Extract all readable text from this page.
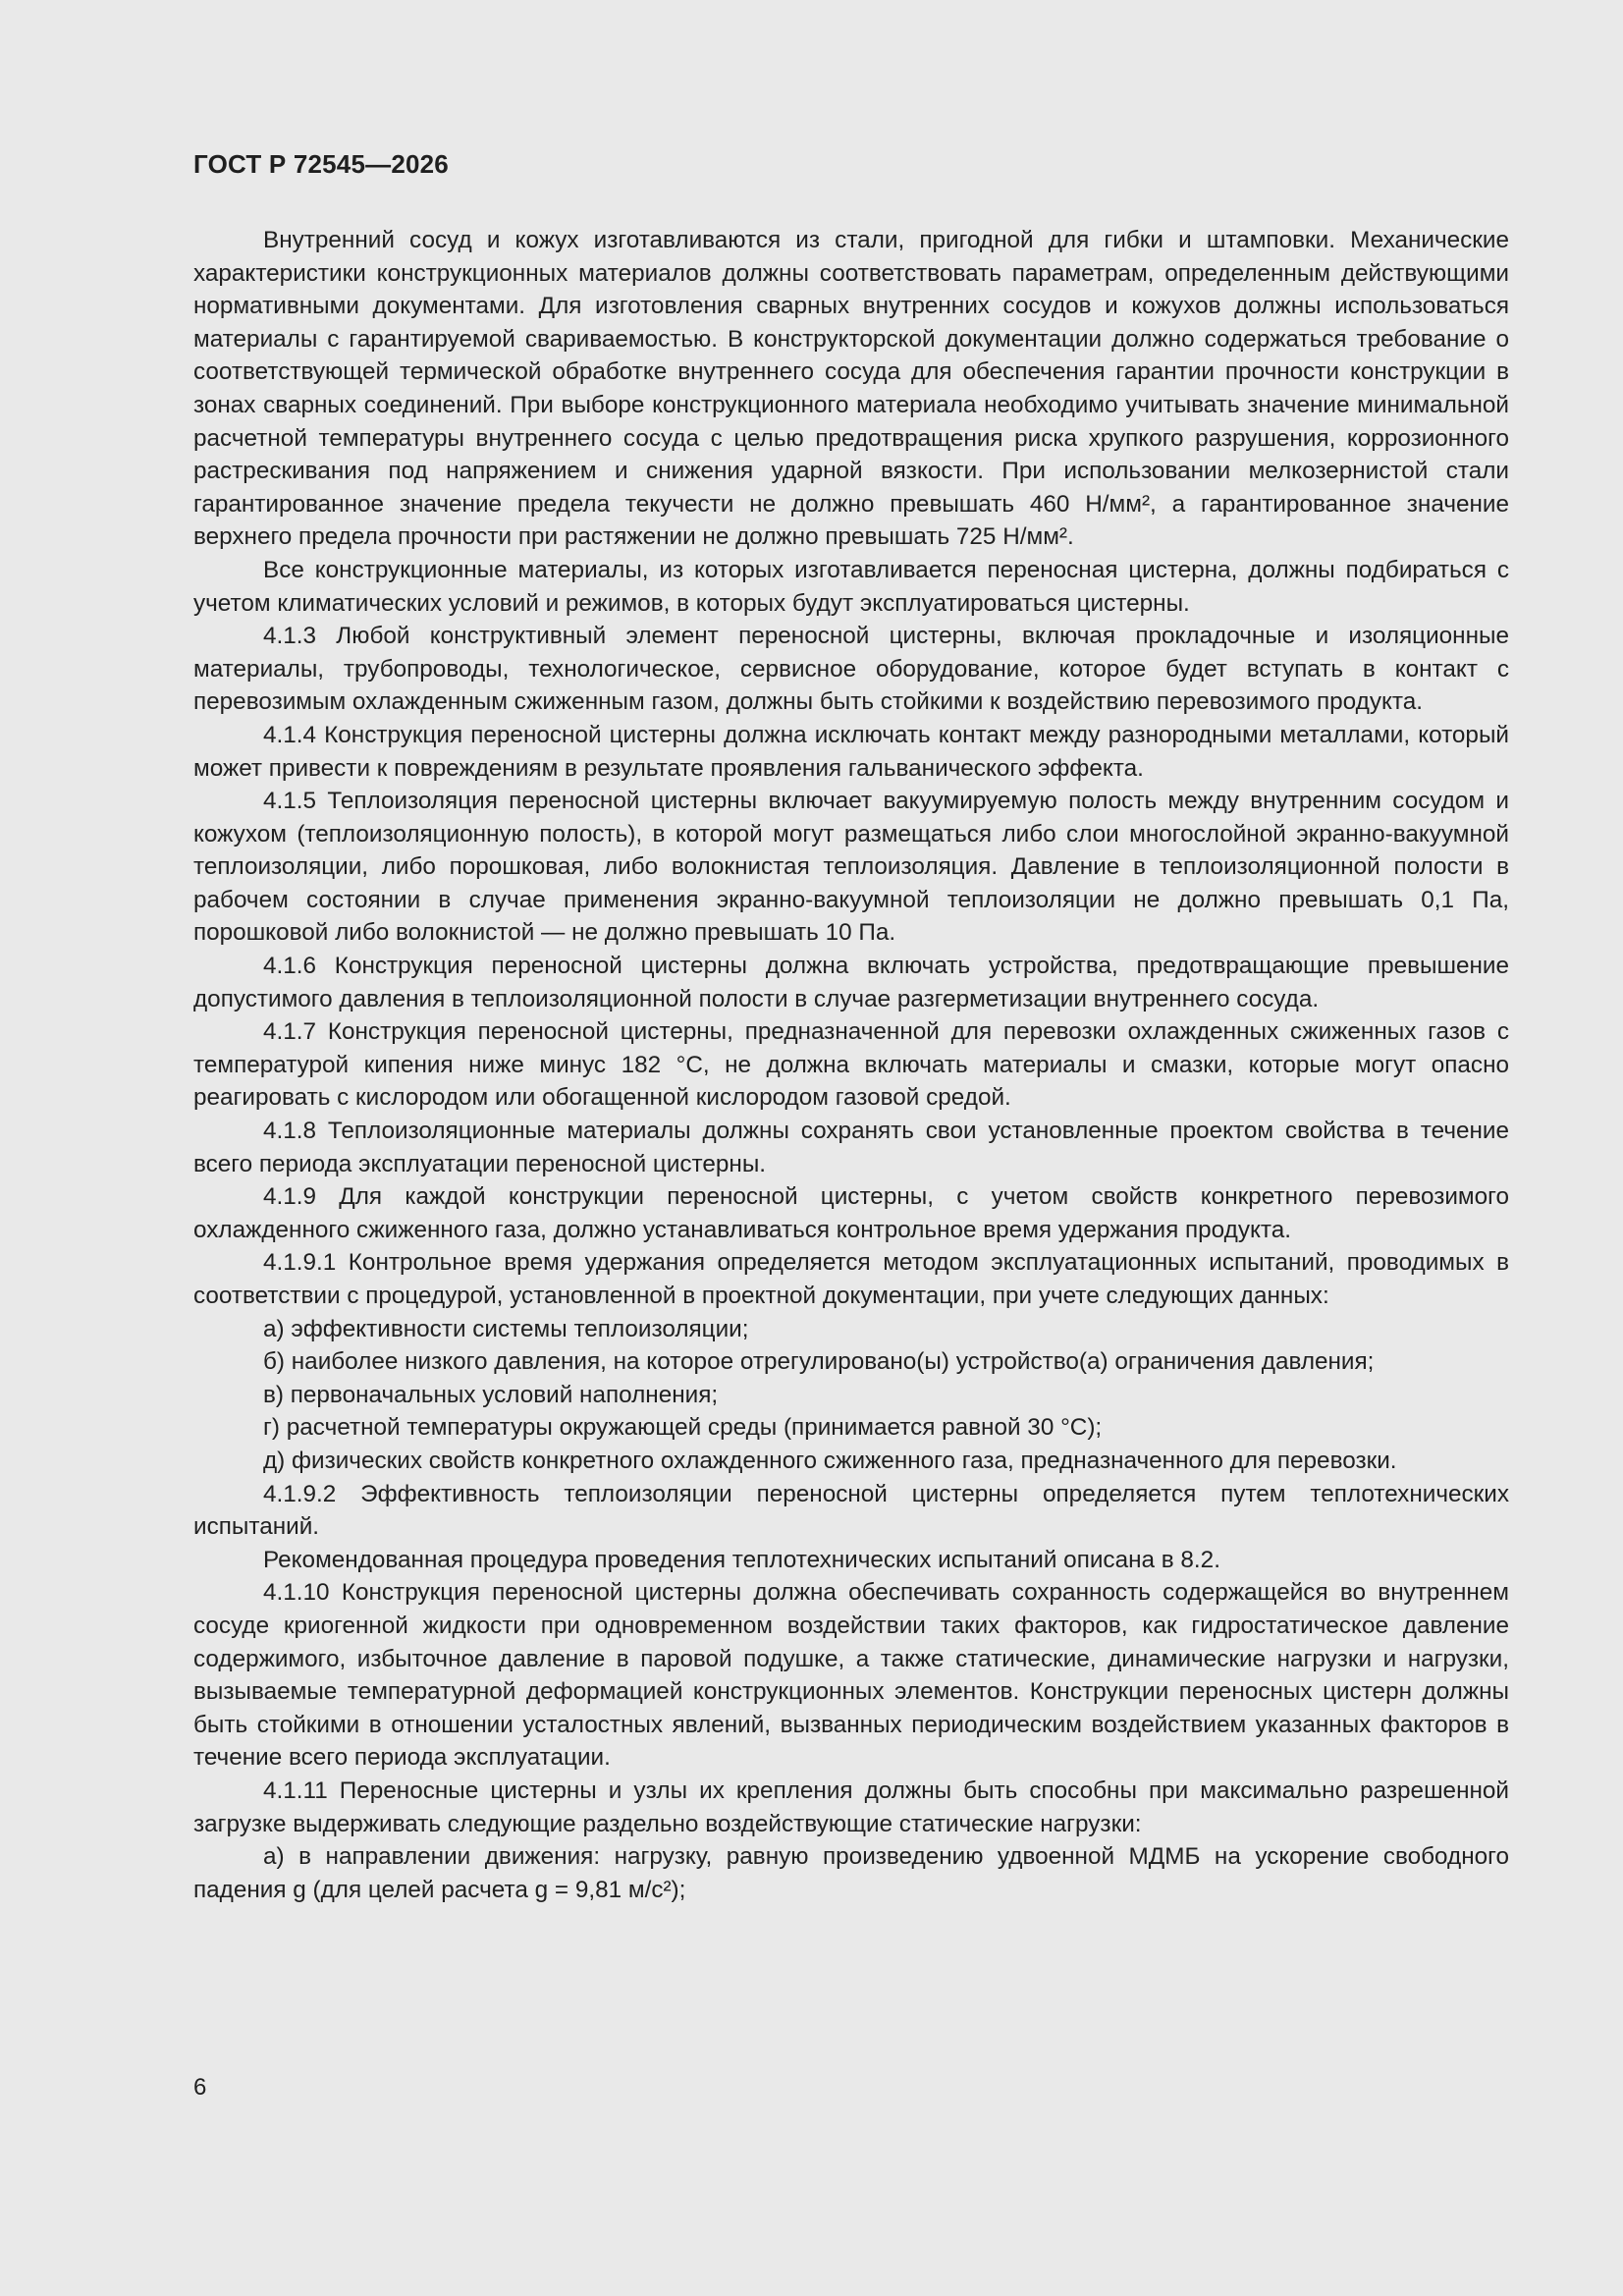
ГОСТ Р 72545—2026

Внутренний сосуд и кожух изготавливаются из стали, пригодной для гибки и штамповки. Механические характеристики конструкционных материалов должны соответствовать параметрам, определенным действующими нормативными документами. Для изготовления сварных внутренних сосудов и кожухов должны использоваться материалы с гарантируемой свариваемостью. В конструкторской документации должно содержаться требование о соответствующей термической обработке внутреннего сосуда для обеспечения гарантии прочности конструкции в зонах сварных соединений. При выборе конструкционного материала необходимо учитывать значение минимальной расчетной температуры внутреннего сосуда с целью предотвращения риска хрупкого разрушения, коррозионного растрескивания под напряжением и снижения ударной вязкости. При использовании мелкозернистой стали гарантированное значение предела текучести не должно превышать 460 Н/мм², а гарантированное значение верхнего предела прочности при растяжении не должно превышать 725 Н/мм².

Все конструкционные материалы, из которых изготавливается переносная цистерна, должны подбираться с учетом климатических условий и режимов, в которых будут эксплуатироваться цистерны.

4.1.3 Любой конструктивный элемент переносной цистерны, включая прокладочные и изоляционные материалы, трубопроводы, технологическое, сервисное оборудование, которое будет вступать в контакт с перевозимым охлажденным сжиженным газом, должны быть стойкими к воздействию перевозимого продукта.

4.1.4 Конструкция переносной цистерны должна исключать контакт между разнородными металлами, который может привести к повреждениям в результате проявления гальванического эффекта.

4.1.5 Теплоизоляция переносной цистерны включает вакуумируемую полость между внутренним сосудом и кожухом (теплоизоляционную полость), в которой могут размещаться либо слои многослойной экранно-вакуумной теплоизоляции, либо порошковая, либо волокнистая теплоизоляция. Давление в теплоизоляционной полости в рабочем состоянии в случае применения экранно-вакуумной теплоизоляции не должно превышать 0,1 Па, порошковой либо волокнистой — не должно превышать 10 Па.

4.1.6 Конструкция переносной цистерны должна включать устройства, предотвращающие превышение допустимого давления в теплоизоляционной полости в случае разгерметизации внутреннего сосуда.

4.1.7 Конструкция переносной цистерны, предназначенной для перевозки охлажденных сжиженных газов с температурой кипения ниже минус 182 °С, не должна включать материалы и смазки, которые могут опасно реагировать с кислородом или обогащенной кислородом газовой средой.

4.1.8 Теплоизоляционные материалы должны сохранять свои установленные проектом свойства в течение всего периода эксплуатации переносной цистерны.

4.1.9 Для каждой конструкции переносной цистерны, с учетом свойств конкретного перевозимого охлажденного сжиженного газа, должно устанавливаться контрольное время удержания продукта.

4.1.9.1 Контрольное время удержания определяется методом эксплуатационных испытаний, проводимых в соответствии с процедурой, установленной в проектной документации, при учете следующих данных:

а) эффективности системы теплоизоляции;

б) наиболее низкого давления, на которое отрегулировано(ы) устройство(а) ограничения давления;

в) первоначальных условий наполнения;

г) расчетной температуры окружающей среды (принимается равной 30 °С);

д) физических свойств конкретного охлажденного сжиженного газа, предназначенного для перевозки.

4.1.9.2 Эффективность теплоизоляции переносной цистерны определяется путем теплотехнических испытаний.

Рекомендованная процедура проведения теплотехнических испытаний описана в 8.2.

4.1.10 Конструкция переносной цистерны должна обеспечивать сохранность содержащейся во внутреннем сосуде криогенной жидкости при одновременном воздействии таких факторов, как гидростатическое давление содержимого, избыточное давление в паровой подушке, а также статические, динамические нагрузки и нагрузки, вызываемые температурной деформацией конструкционных элементов. Конструкции переносных цистерн должны быть стойкими в отношении усталостных явлений, вызванных периодическим воздействием указанных факторов в течение всего периода эксплуатации.

4.1.11 Переносные цистерны и узлы их крепления должны быть способны при максимально разрешенной загрузке выдерживать следующие раздельно воздействующие статические нагрузки:

а) в направлении движения: нагрузку, равную произведению удвоенной МДМБ на ускорение свободного падения g (для целей расчета g = 9,81 м/с²);

6
